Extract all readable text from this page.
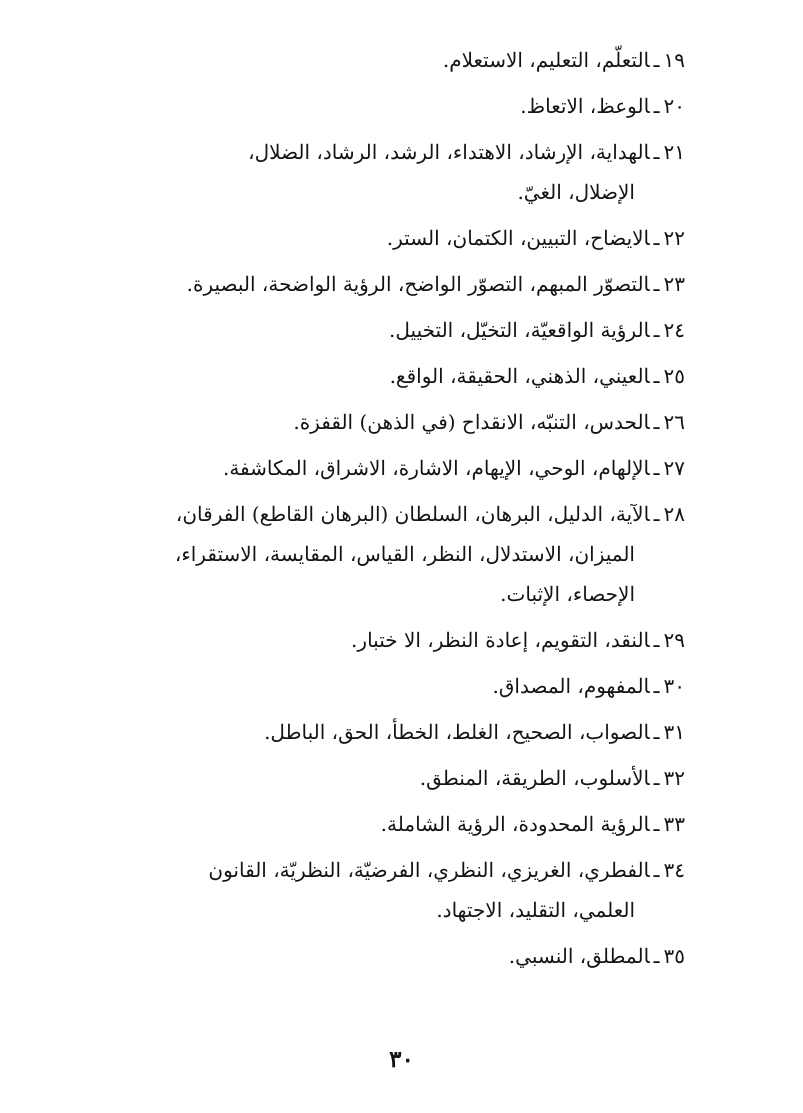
١٩ـالتعلّم، التعليم، الاستعلام.
٢٠ـالوعظ، الاتعاظ.
٢١ـالهداية، الإرشاد، الاهتداء، الرشد، الرشاد، الضلال،
الإضلال، الغيّ.
٢٢ـالايضاح، التبيين، الكتمان، الستر.
٢٣ـالتصوّر المبهم، التصوّر الواضح، الرؤية الواضحة، البصيرة.
٢٤ـالرؤية الواقعيّة، التخيّل، التخييل.
٢٥ـالعيني، الذهني، الحقيقة، الواقع.
٢٦ـالحدس، التنبّه، الانقداح (في الذهن) القفزة.
٢٧ـالإلهام، الوحي، الإيهام، الاشارة، الاشراق، المكاشفة.
٢٨ـالآية، الدليل، البرهان، السلطان (البرهان القاطع) الفرقان،
الميزان، الاستدلال، النظر، القياس، المقايسة، الاستقراء،
الإحصاء، الإثبات.
٢٩ـالنقد، التقويم، إعادة النظر، الا ختبار.
٣٠ـالمفهوم، المصداق.
٣١ـالصواب، الصحيح، الغلط، الخطأ، الحق، الباطل.
٣٢ـالأسلوب، الطريقة، المنطق.
٣٣ـالرؤية المحدودة، الرؤية الشاملة.
٣٤ـالفطري، الغريزي، النظري، الفرضيّة، النظريّة، القانون
العلمي، التقليد، الاجتهاد.
٣٥ـالمطلق، النسبي.
٣٠
